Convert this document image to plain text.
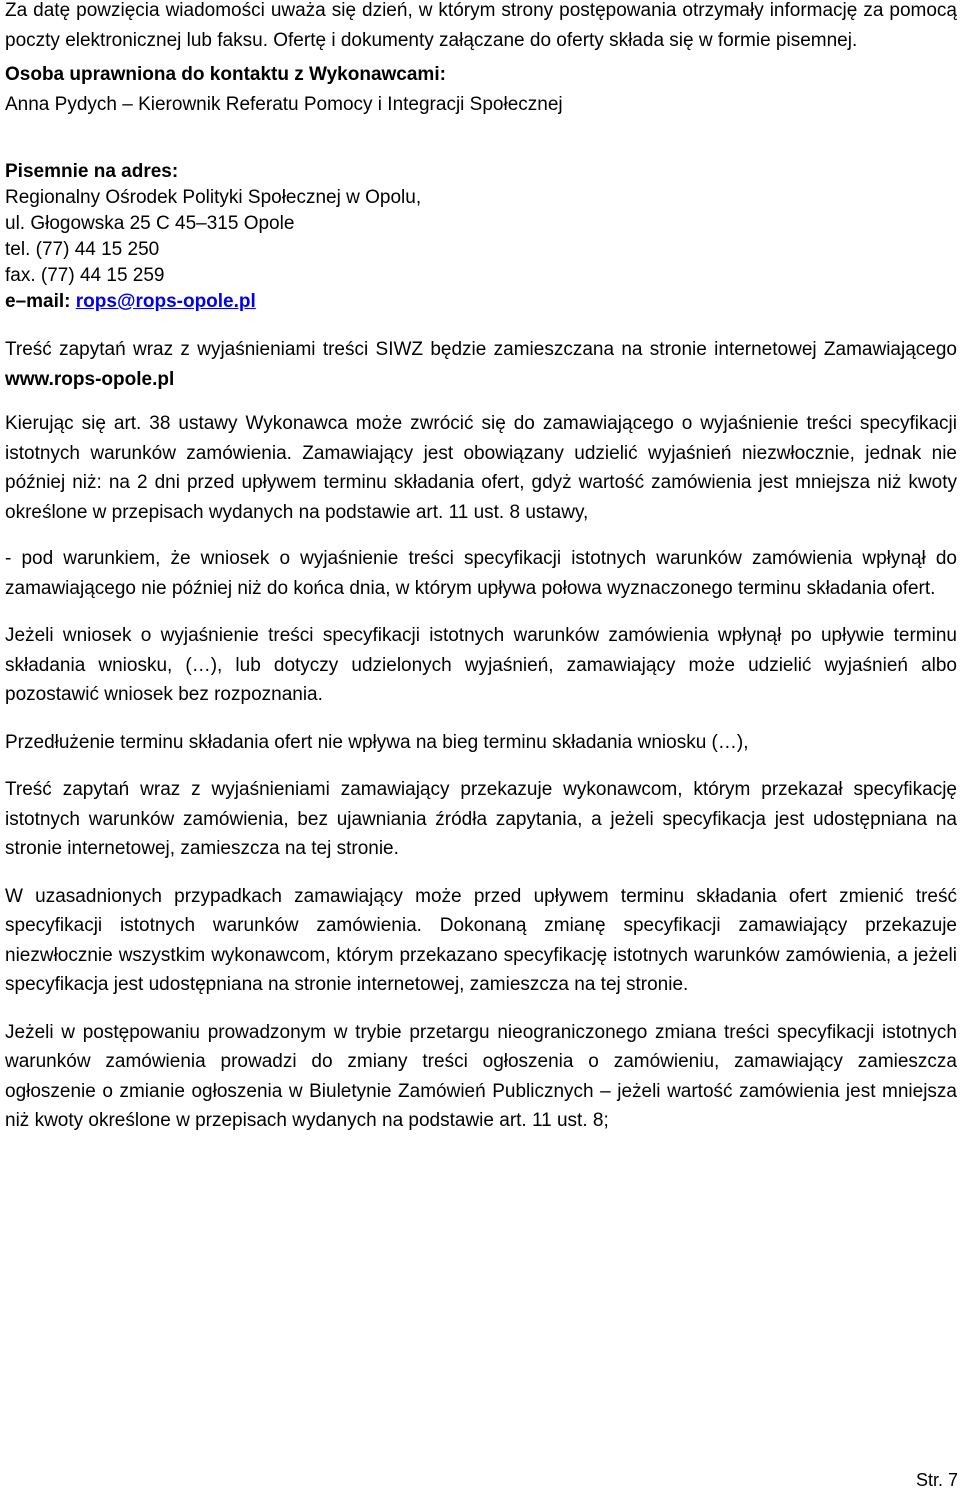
Za datę powzięcia wiadomości uważa się dzień, w którym strony postępowania otrzymały informację za pomocą poczty elektronicznej lub faksu. Ofertę i dokumenty załączane do oferty składa się w formie pisemnej.

Osoba uprawniona do kontaktu z Wykonawcami:

Anna Pydych – Kierownik Referatu Pomocy i Integracji Społecznej

Pisemnie na adres:

Regionalny Ośrodek Polityki Społecznej w Opolu,

ul. Głogowska 25 C 45–315 Opole

tel. (77) 44 15 250

fax. (77) 44 15 259

e–mail: rops@rops-opole.pl

Treść zapytań wraz z wyjaśnieniami treści SIWZ będzie zamieszczana na stronie internetowej Zamawiającego www.rops-opole.pl

Kierując się art. 38 ustawy Wykonawca może zwrócić się do zamawiającego o wyjaśnienie treści specyfikacji istotnych warunków zamówienia. Zamawiający jest obowiązany udzielić wyjaśnień niezwłocznie, jednak nie później niż: na 2 dni przed upływem terminu składania ofert, gdyż wartość zamówienia jest mniejsza niż kwoty określone w przepisach wydanych na podstawie art. 11 ust. 8 ustawy,

- pod warunkiem, że wniosek o wyjaśnienie treści specyfikacji istotnych warunków zamówienia wpłynął do zamawiającego nie później niż do końca dnia, w którym upływa połowa wyznaczonego terminu składania ofert.

Jeżeli wniosek o wyjaśnienie treści specyfikacji istotnych warunków zamówienia wpłynął po upływie terminu składania wniosku, (…), lub dotyczy udzielonych wyjaśnień, zamawiający może udzielić wyjaśnień albo pozostawić wniosek bez rozpoznania.

Przedłużenie terminu składania ofert nie wpływa na bieg terminu składania wniosku (…),

Treść zapytań wraz z wyjaśnieniami zamawiający przekazuje wykonawcom, którym przekazał specyfikację istotnych warunków zamówienia, bez ujawniania źródła zapytania, a jeżeli specyfikacja jest udostępniana na stronie internetowej, zamieszcza na tej stronie.

W uzasadnionych przypadkach zamawiający może przed upływem terminu składania ofert zmienić treść specyfikacji istotnych warunków zamówienia. Dokonaną zmianę specyfikacji zamawiający przekazuje niezwłocznie wszystkim wykonawcom, którym przekazano specyfikację istotnych warunków zamówienia, a jeżeli specyfikacja jest udostępniana na stronie internetowej, zamieszcza na tej stronie.

Jeżeli w postępowaniu prowadzonym w trybie przetargu nieograniczonego zmiana treści specyfikacji istotnych warunków zamówienia prowadzi do zmiany treści ogłoszenia o zamówieniu, zamawiający zamieszcza ogłoszenie o zmianie ogłoszenia w Biuletynie Zamówień Publicznych – jeżeli wartość zamówienia jest mniejsza niż kwoty określone w przepisach wydanych na podstawie art. 11 ust. 8;

Str. 7
